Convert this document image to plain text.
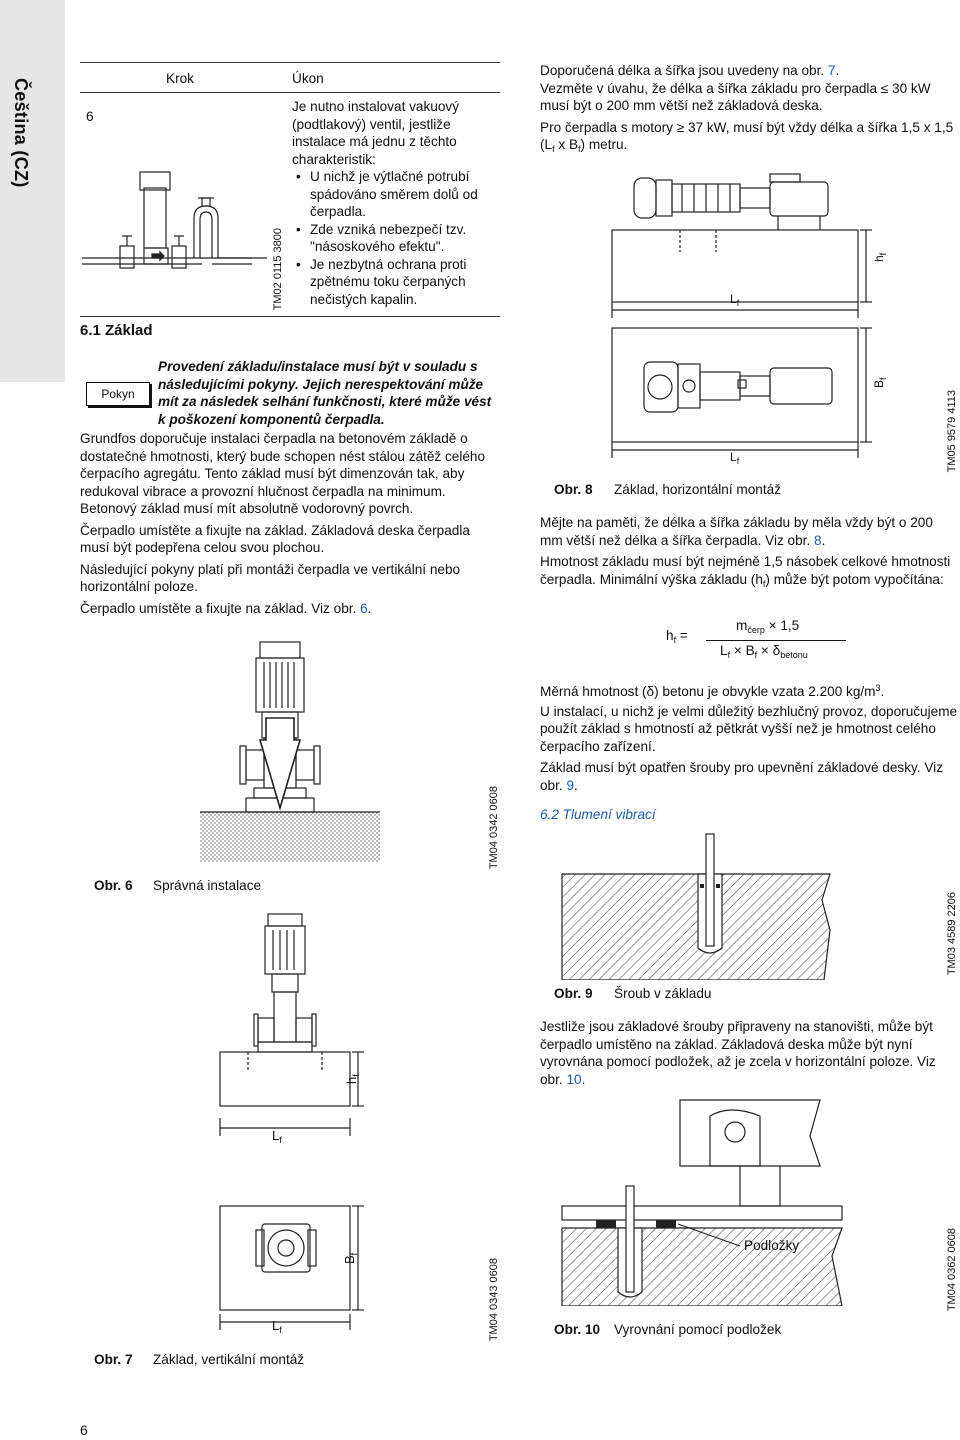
Čeština (CZ)	Krok	Úkon
6
TM02 0115 3800

Je nutno instalovat vakuový (podtlakový) ventil, jestliže instalace má jednu z těchto charakteristik:

• U nichž je výtlačné potrubí spádováno směrem dolů od čerpadla.
• Zde vzniká nebezpečí tzv. "násoskového efektu".
• Je nezbytná ochrana proti zpětnému toku čerpaných nečistých kapalin.
6.1 Základ
Pokyn
Provedení základu/instalace musí být v souladu s následujícími pokyny. Jejich nerespektování může mít za následek selhání funkčnosti, které může vést k poškození komponentů čerpadla.

Grundfos doporučuje instalaci čerpadla na betonovém základě o dostatečné hmotnosti, který bude schopen nést stálou zátěž celého čerpacího agregátu. Tento základ musí být dimenzován tak, aby redukoval vibrace a provozní hlučnost čerpadla na minimum. Betonový základ musí mít absolutně vodorovný povrch.

Čerpadlo umístěte a fixujte na základ. Základová deska čerpadla musí být podepřena celou svou plochou.

Následující pokyny platí při montáži čerpadla ve vertikální nebo horizontální poloze.

Čerpadlo umístěte a fixujte na základ. Viz obr. 6.

TM04 0342 0608
Obr. 6 Správná instalace
$L_f$
$h_f$
$L_f$
$B_f$
TM04 0343 0608
Obr. 7 Základ, vertikální montáž

Doporučená délka a šířka jsou uvedeny na obr. 7.

Vezměte v úvahu, že délka a šířka základu pro čerpadla ≤ 30 kW musí být o 200 mm větší než základová deska.

Pro čerpadla s motory ≥ 37 kW, musí být vždy délka a šířka 1,5 x 1,5 ($L_f$ x $B_f$) metru.

$L_f$
$h_f$
$L_f$
$B_f$
TM05 9579 4113
Obr. 8 Základ, horizontální montáž

Mějte na paměti, že délka a šířka základu by měla vždy být o 200 mm větší než délka a šířka čerpadla. Viz obr. 8.

Hmotnost základu musí být nejméně 1,5 násobek celkové hmotnosti čerpadla. Minimální výška základu $(h_f)$ může být potom vypočítána:

$h_f$ =
$m_{čerp} \times 1,5$
$L_f \times B_f \times \delta_{betonu}$

Měrná hmotnost (δ) betonu je obvykle vzata 2.200 $kg/m^3$.

U instalací, u nichž je velmi důležitý bezhlučný provoz, doporučujeme použít základ s hmotností až pětkrát vyšší než je hmotnost celého čerpacího zařízení.

Základ musí být opatřen šrouby pro upevnění základové desky. Viz obr. 9.

6.2 Tlumení vibrací

TM03 4589 2206
Obr. 9 Šroub v základu
Jestliže jsou základové šrouby připraveny na stanovišti, může být čerpadlo umístěno na základ. Základová deska může být nyní vyrovnána pomocí podložek, až je zcela v horizontální poloze. Viz obr. 10.
Podložky	TM04 0362 0608
Obr. 10 Vyrovnání pomocí podložek
6
